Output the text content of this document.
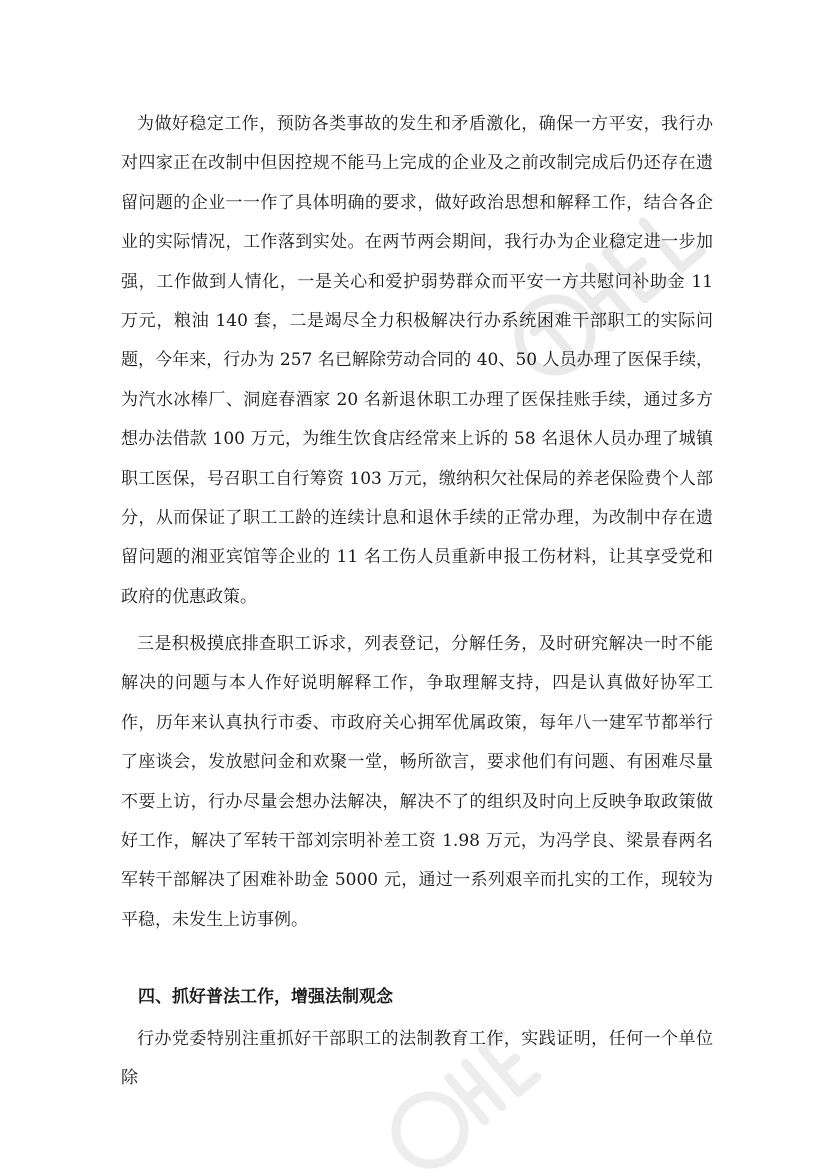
为做好稳定工作，预防各类事故的发生和矛盾激化，确保一方平安，我行办对四家正在改制中但因控规不能马上完成的企业及之前改制完成后仍还存在遗留问题的企业一一作了具体明确的要求，做好政治思想和解释工作，结合各企业的实际情况，工作落到实处。在两节两会期间，我行办为企业稳定进一步加强，工作做到人情化，一是关心和爱护弱势群众而平安一方共慰问补助金 11 万元，粮油 140 套，二是竭尽全力积极解决行办系统困难干部职工的实际问题，今年来，行办为 257 名已解除劳动合同的 40、50 人员办理了医保手续，为汽水冰棒厂、洞庭春酒家 20 名新退休职工办理了医保挂账手续，通过多方想办法借款 100 万元，为维生饮食店经常来上诉的 58 名退休人员办理了城镇职工医保，号召职工自行筹资 103 万元，缴纳积欠社保局的养老保险费个人部分，从而保证了职工工龄的连续计息和退休手续的正常办理，为改制中存在遗留问题的湘亚宾馆等企业的 11 名工伤人员重新申报工伤材料，让其享受党和政府的优惠政策。
三是积极摸底排查职工诉求，列表登记，分解任务，及时研究解决一时不能解决的问题与本人作好说明解释工作，争取理解支持，四是认真做好协军工作，历年来认真执行市委、市政府关心拥军优属政策，每年八一建军节都举行了座谈会，发放慰问金和欢聚一堂，畅所欲言，要求他们有问题、有困难尽量不要上访，行办尽量会想办法解决，解决不了的组织及时向上反映争取政策做好工作，解决了军转干部刘宗明补差工资 1.98 万元，为冯学良、梁景春两名军转干部解决了困难补助金 5000 元，通过一系列艰辛而扎实的工作，现较为平稳，未发生上访事例。
四、抓好普法工作，增强法制观念
行办党委特别注重抓好干部职工的法制教育工作，实践证明，任何一个单位除
